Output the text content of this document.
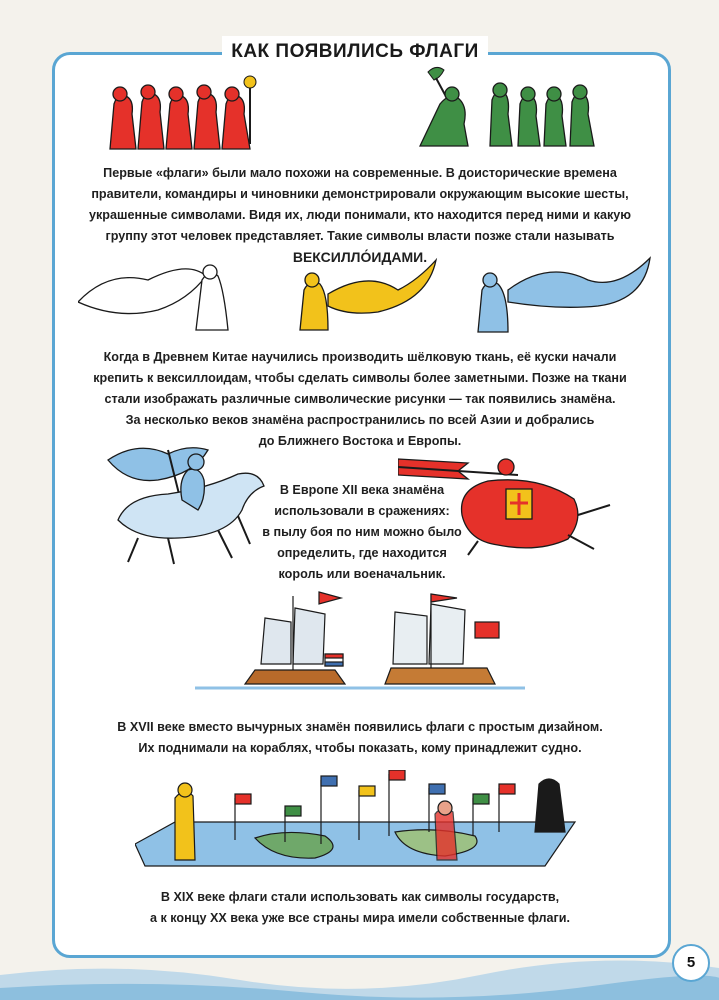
КАК ПОЯВИЛИСЬ ФЛАГИ

Первые «флаги» были мало похожи на современные. В доисторические времена

правители, командиры и чиновники демонстрировали окружающим высокие шесты,

украшенные символами. Видя их, люди понимали, кто находится перед ними и какую

группу этот человек представляет. Такие символы власти позже стали называть

ВЕКСИЛЛО́ИДАМИ.

Когда в Древнем Китае научились производить шёлковую ткань, её куски начали

крепить к вексиллоидам, чтобы сделать символы более заметными. Позже на ткани

стали изображать различные символические рисунки — так появились знамёна.

За несколько веков знамёна распространились по всей Азии и добрались

до Ближнего Востока и Европы.

В Европе XII века знамёна

использовали в сражениях:

в пылу боя по ним можно было

определить, где находится

король или военачальник.

В XVII веке вместо вычурных знамён появились флаги с простым дизайном.

Их поднимали на кораблях, чтобы показать, кому принадлежит судно.

В XIX веке флаги стали использовать как символы государств,

а к концу XX века уже все страны мира имели собственные флаги.

5
